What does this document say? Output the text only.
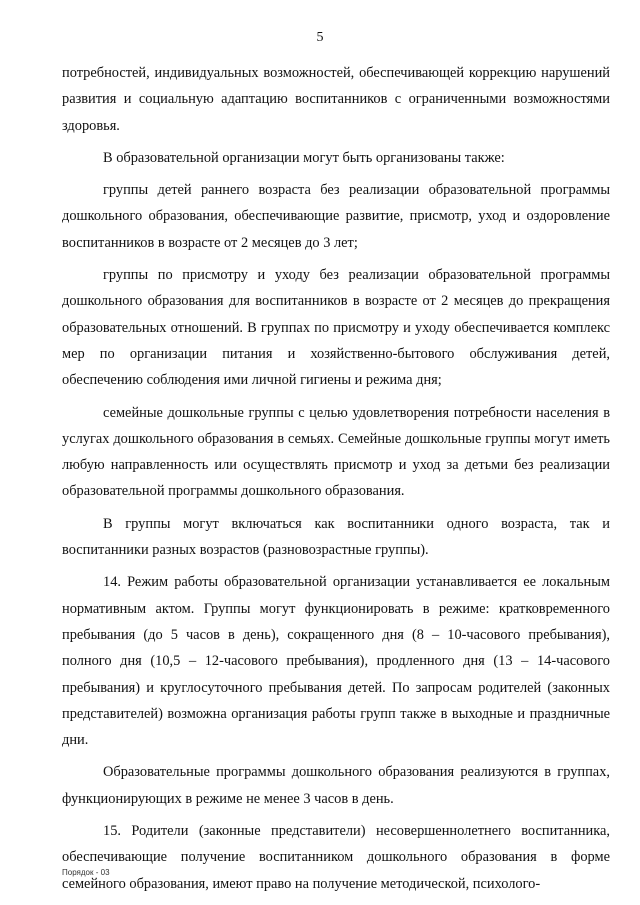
5

потребностей, индивидуальных возможностей, обеспечивающей коррекцию нарушений развития и социальную адаптацию воспитанников с ограниченными возможностями здоровья.

В образовательной организации могут быть организованы также:

группы детей раннего возраста без реализации образовательной программы дошкольного образования, обеспечивающие развитие, присмотр, уход и оздоровление воспитанников в возрасте от 2 месяцев до 3 лет;

группы по присмотру и уходу без реализации образовательной программы дошкольного образования для воспитанников в возрасте от 2 месяцев до прекращения образовательных отношений. В группах по присмотру и уходу обеспечивается комплекс мер по организации питания и хозяйственно-бытового обслуживания детей, обеспечению соблюдения ими личной гигиены и режима дня;

семейные дошкольные группы с целью удовлетворения потребности населения в услугах дошкольного образования в семьях. Семейные дошкольные группы могут иметь любую направленность или осуществлять присмотр и уход за детьми без реализации образовательной программы дошкольного образования.

В группы могут включаться как воспитанники одного возраста, так и воспитанники разных возрастов (разновозрастные группы).

14. Режим работы образовательной организации устанавливается ее локальным нормативным актом. Группы могут функционировать в режиме: кратковременного пребывания (до 5 часов в день), сокращенного дня (8 – 10-часового пребывания), полного дня (10,5 – 12-часового пребывания), продленного дня (13 – 14-часового пребывания) и круглосуточного пребывания детей. По запросам родителей (законных представителей) возможна организация работы групп также в выходные и праздничные дни.

Образовательные программы дошкольного образования реализуются в группах, функционирующих в режиме не менее 3 часов в день.

15. Родители (законные представители) несовершеннолетнего воспитанника, обеспечивающие получение воспитанником дошкольного образования в форме семейного образования, имеют право на получение методической, психолого-

Порядок - 03
